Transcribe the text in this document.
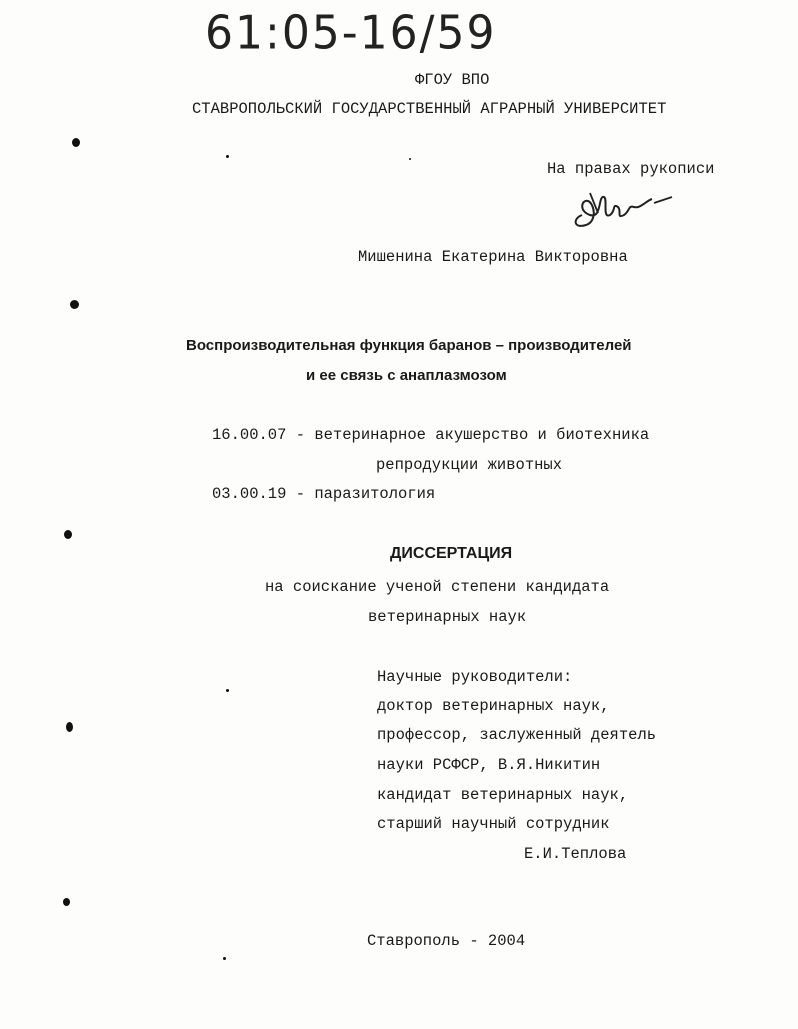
61:05-16/59
ФГОУ ВПО
СТАВРОПОЛЬСКИЙ ГОСУДАРСТВЕННЫЙ АГРАРНЫЙ УНИВЕРСИТЕТ
На правах рукописи
Мишенина Екатерина Викторовна
Воспроизводительная функция баранов – производителей
и ее связь с анаплазмозом
16.00.07 - ветеринарное акушерство и биотехника
репродукции животных
03.00.19 - паразитология
ДИССЕРТАЦИЯ
на соискание ученой степени кандидата
ветеринарных наук
Научные руководители:
доктор ветеринарных наук,
профессор, заслуженный деятель
науки РСФСР, В.Я.Никитин
кандидат ветеринарных наук,
старший научный сотрудник
Е.И.Теплова
Ставрополь - 2004
